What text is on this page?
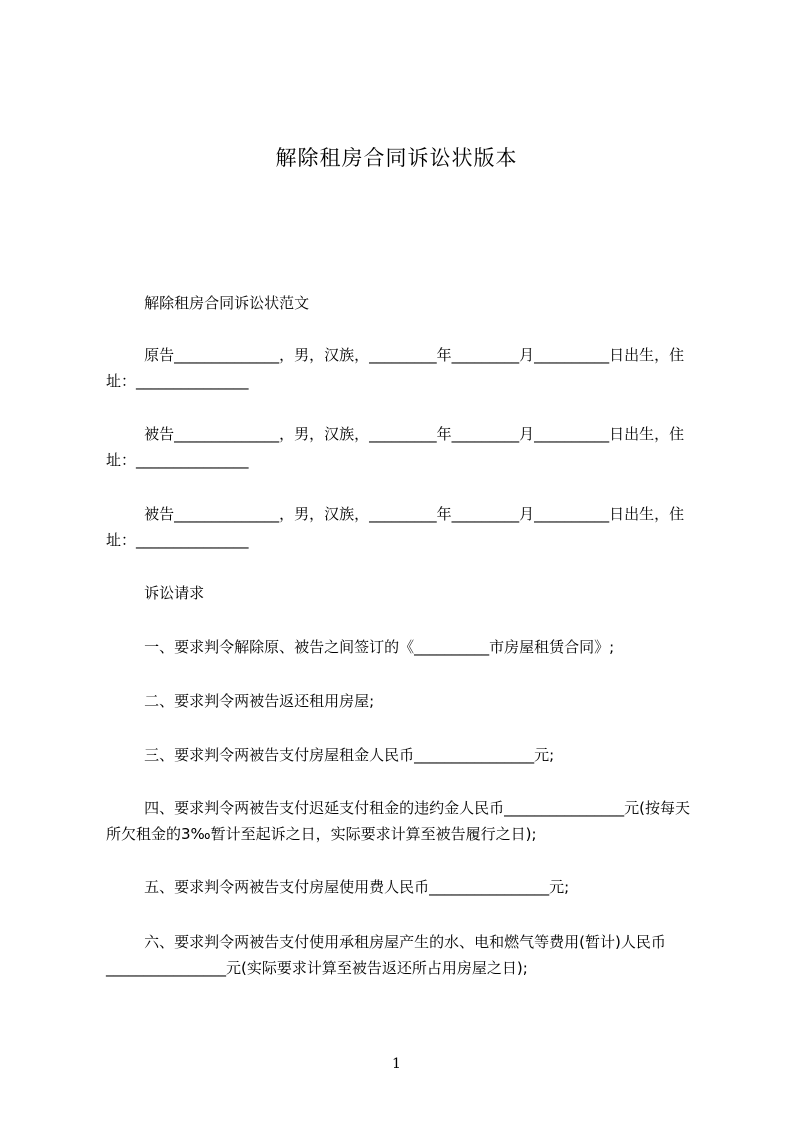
解除租房合同诉讼状版本
解除租房合同诉讼状范文
原告______________，男，汉族，_________年_________月__________日出生，住址：_______________
被告______________，男，汉族，_________年_________月__________日出生，住址：_______________
被告______________，男，汉族，_________年_________月__________日出生，住址：_______________
诉讼请求
一、要求判令解除原、被告之间签订的《__________市房屋租赁合同》;
二、要求判令两被告返还租用房屋;
三、要求判令两被告支付房屋租金人民币________________元;
四、要求判令两被告支付迟延支付租金的违约金人民币________________元(按每天所欠租金的3‰暂计至起诉之日，实际要求计算至被告履行之日);
五、要求判令两被告支付房屋使用费人民币________________元;
六、要求判令两被告支付使用承租房屋产生的水、电和燃气等费用(暂计)人民币________________元(实际要求计算至被告返还所占用房屋之日);
1
